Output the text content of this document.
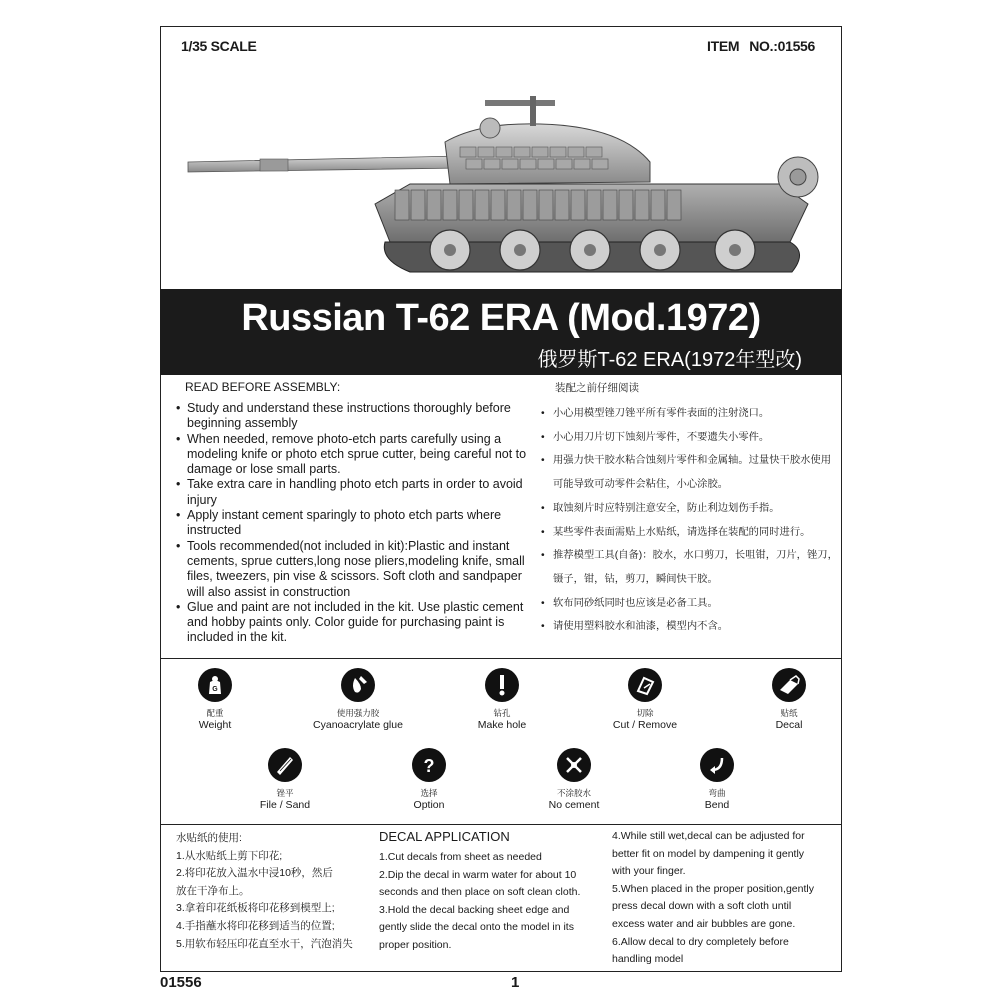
1/35 SCALE	ITEM NO.:01556
Russian T-62 ERA (Mod.1972)
俄罗斯T-62 ERA(1972年型改)
READ BEFORE ASSEMBLY:
• Study and understand these instructions thoroughly before beginning assembly
• When needed, remove photo-etch parts carefully using a modeling knife or photo etch sprue cutter, being careful not to damage or lose small parts.
• Take extra care in handling photo etch parts in order to avoid injury
• Apply instant cement sparingly to photo etch parts where instructed
• Tools recommended(not included in kit):Plastic and instant cements, sprue cutters,long nose pliers,modeling knife, small files, tweezers, pin vise & scissors. Soft cloth and sandpaper will also assist in construction
• Glue and paint are not included in the kit. Use plastic cement and hobby paints only. Color guide for purchasing paint is included in the kit.
装配之前仔细阅读
• 小心用模型锉刀锉平所有零件表面的注射浇口。
• 小心用刀片切下蚀刻片零件，不要遗失小零件。
• 用强力快干胶水粘合蚀刻片零件和金属轴。过量快干胶水使用可能导致可动零件会粘住，小心涂胶。
• 取蚀刻片时应特别注意安全，防止利边划伤手指。
• 某些零件表面需贴上水贴纸，请选择在装配的同时进行。
• 推荐模型工具(自备)：胶水，水口剪刀，长咀钳，刀片，锉刀，镊子，钳，钻，剪刀，瞬间快干胶。
• 软布同砂纸同时也应该是必备工具。
• 请使用塑料胶水和油漆，模型内不含。
G
配重
Weight
使用强力胶
Cyanoacrylate glue
钻孔
Make hole
切除
Cut / Remove
贴纸
Decal
锉平
File / Sand
?
选择
Option
不涂胶水
No cement
弯曲
Bend

水贴纸的使用:

1.从水贴纸上剪下印花;

2.将印花放入温水中浸10秒，然后

放在干净布上。

3.拿着印花纸板将印花移到模型上;

4.手指蘸水将印花移到适当的位置;

5.用软布轻压印花直至水干，汽泡消失

DECAL APPLICATION

1.Cut decals from sheet as needed

2.Dip the decal in warm water for about 10

seconds and then place on soft clean cloth.

3.Hold the decal backing sheet edge and

gently slide the decal onto the model in its

proper position.

4.While still wet,decal can be adjusted for

better fit on model by dampening it gently

with your finger.

5.When placed in the proper position,gently

press decal down with a soft cloth until

excess water and air bubbles are gone.

6.Allow decal to dry completely before

handling model

01556	1
